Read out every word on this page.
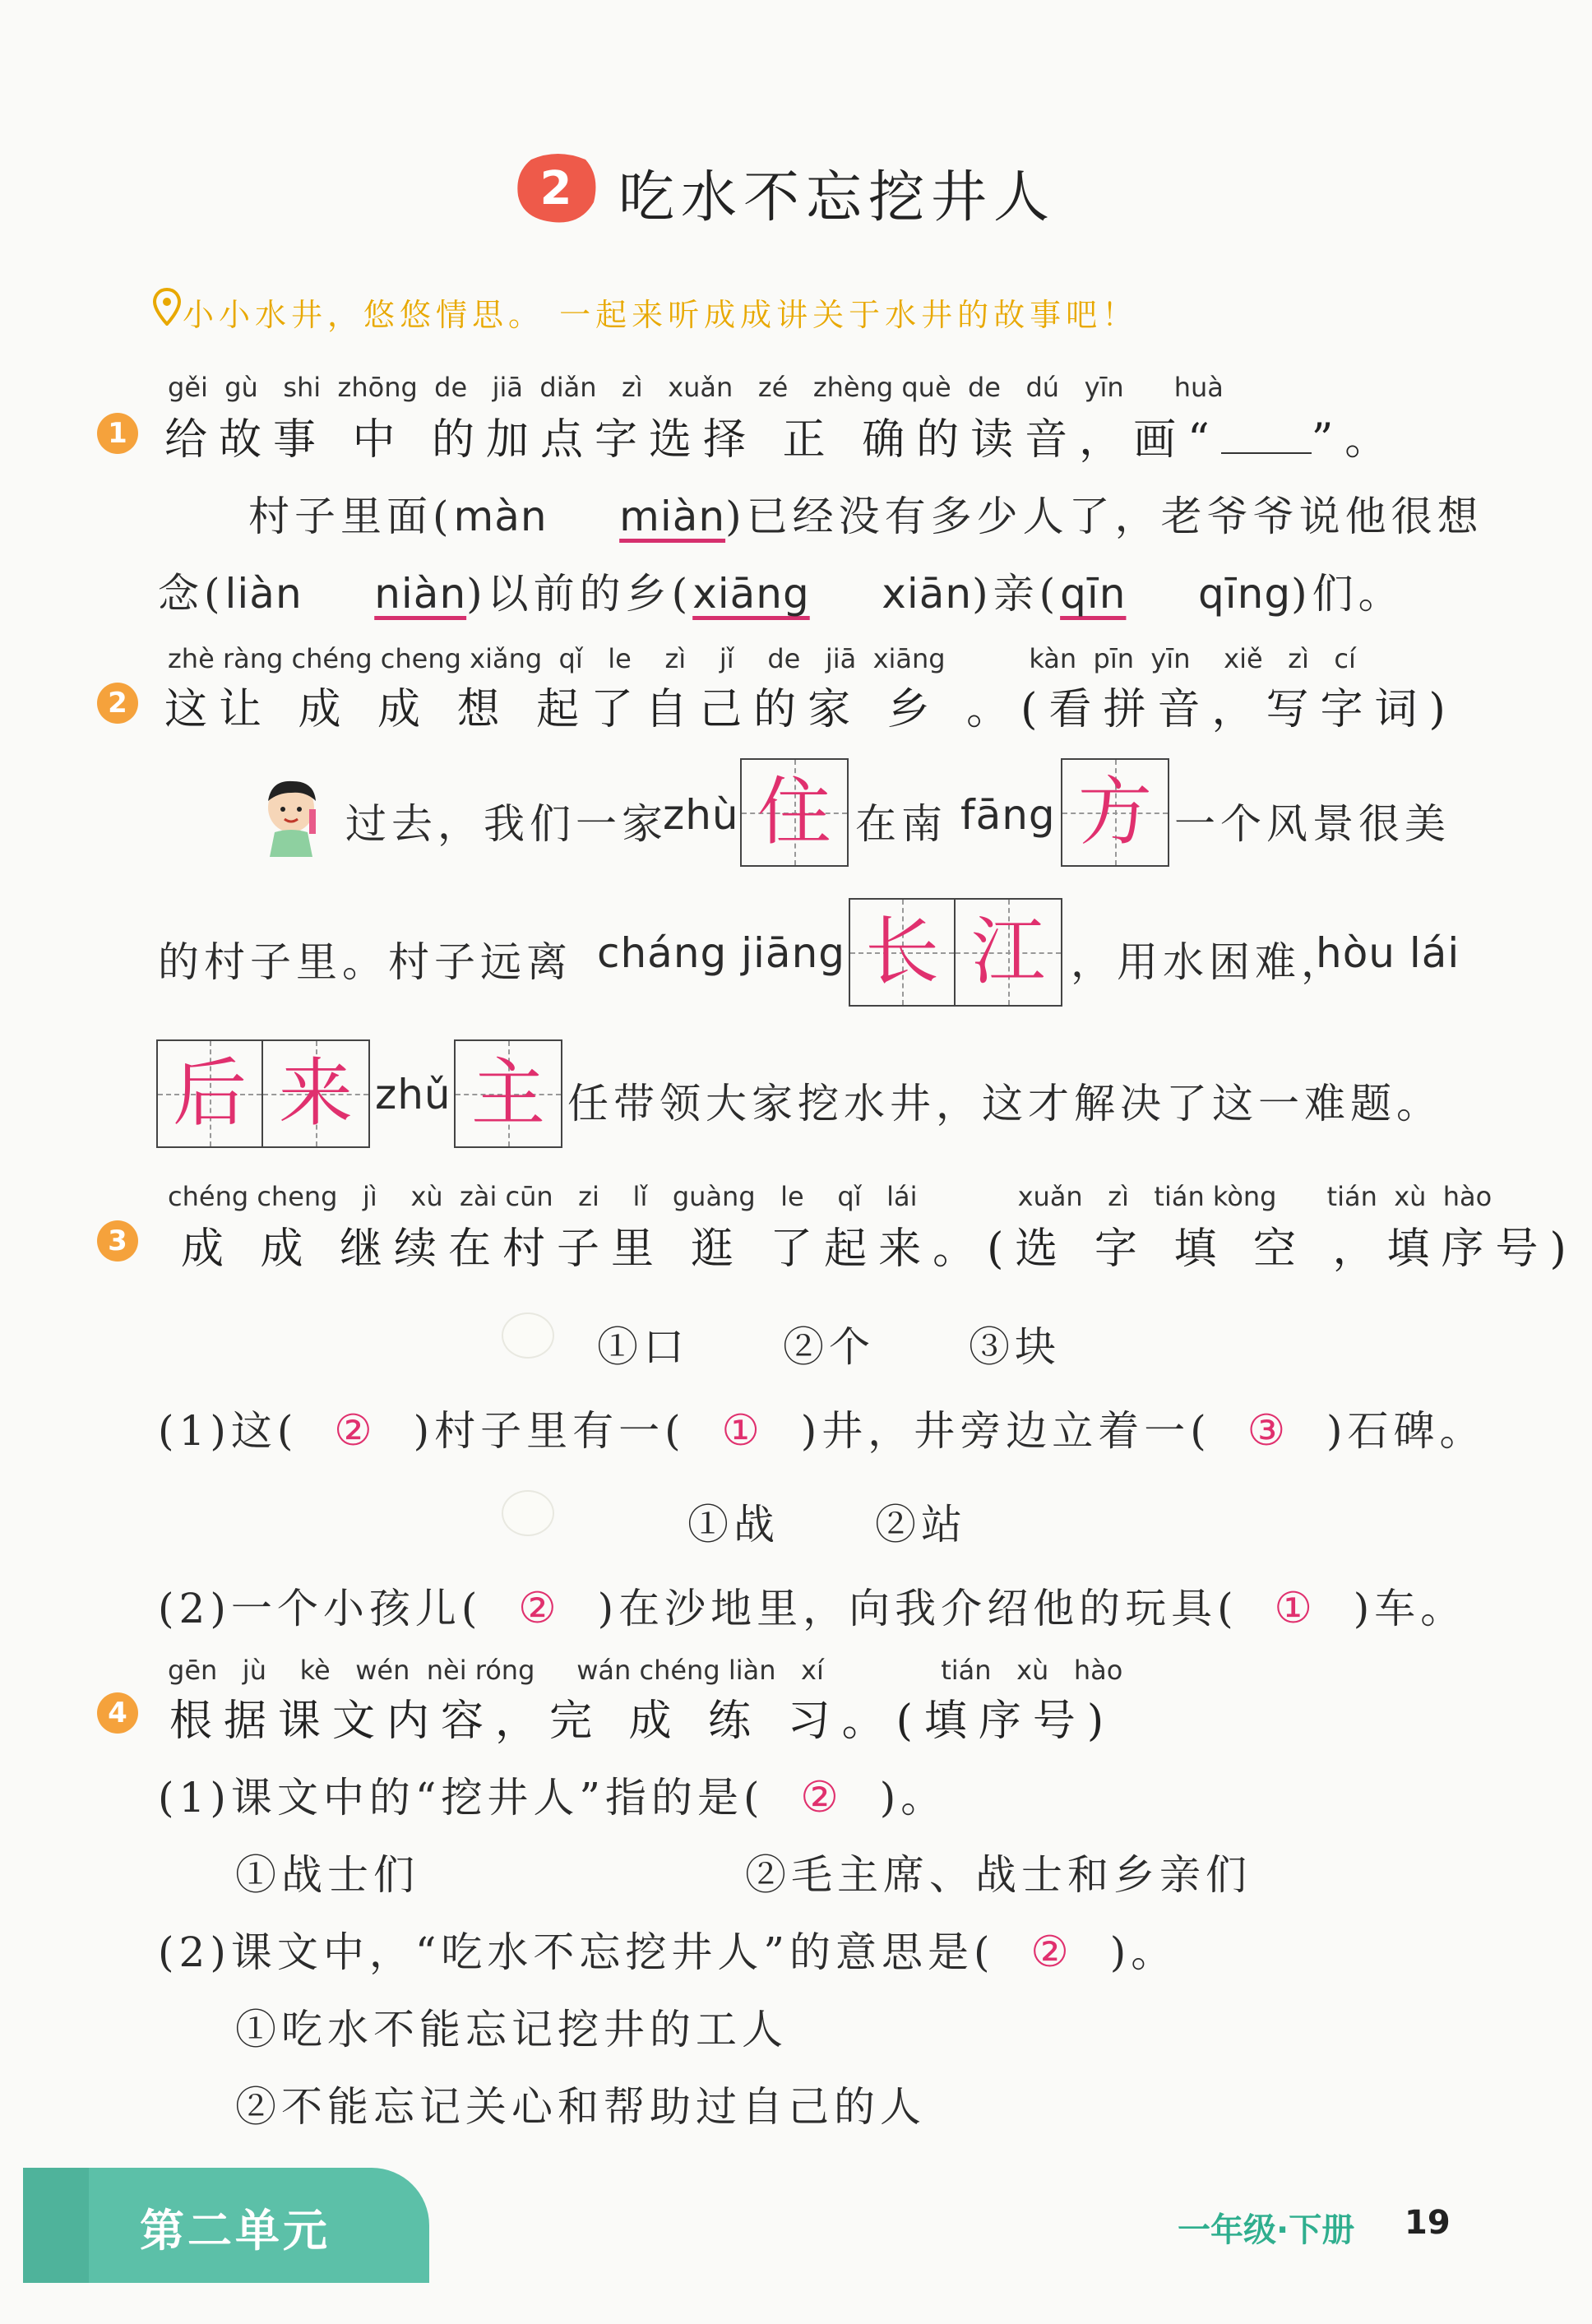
2 吃水不忘挖井人
小小水井，悠悠情思。 一起来听成成讲关于水井的故事吧！
gěi  gù   shi  zhōng  de   jiā  diǎn   zì   xuǎn   zé   zhèng què  de   dú   yīn      huà
1 给故事 中 的加点字选择 正 确的读音，画“ ”。
村子里面(màn miàn)已经没有多少人了，老爷爷说他很想
念(liàn niàn)以前的乡(xiāng xiān)亲(qīn qīng)们。
zhè ràng chéng cheng xiǎng  qǐ   le    zì    jǐ    de   jiā  xiāng          kàn  pīn  yīn    xiě   zì   cí
2 这让 成 成 想 起了自己的家 乡 。(看拼音，写字词)
过去，我们一家
zhù 住 在南 fāng 方 一个风景很美
的村子里。村子远离 cháng jiāng 长 江 ，用水困难，
hòu lái
后 来 zhǔ 主 任带领大家挖水井，这才解决了这一难题。
chéng cheng   jì    xù  zài cūn   zi    lǐ   guàng   le    qǐ   lái            xuǎn   zì   tián kòng      tián  xù  hào
3 成 成 继续在村子里 逛 了起来。(选 字 填 空 ，填序号)
①口 ②个 ③块
(1)这( ② )村子里有一( ① )井，井旁边立着一( ③ )石碑。
①战 ②站
(2)一个小孩儿( ② )在沙地里，向我介绍他的玩具( ① )车。
gēn   jù    kè   wén  nèi róng     wán chéng liàn   xí              tián   xù   hào
4 根据课文内容，完 成 练 习。(填序号)
(1)课文中的“挖井人”指的是( ② )。
①战士们	②毛主席、战士和乡亲们
(2)课文中，“吃水不忘挖井人”的意思是( ② )。
①吃水不能忘记挖井的工人
②不能忘记关心和帮助过自己的人
第二单元	一年级·下册 19
